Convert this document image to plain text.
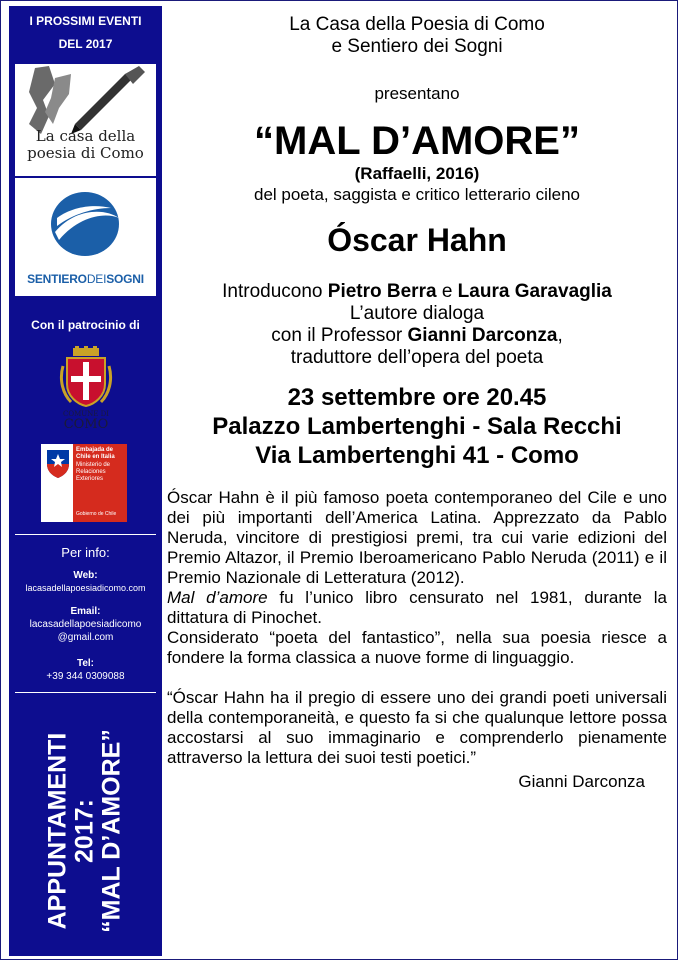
I PROSSIMI EVENTI
DEL 2017
La casa della
poesia di Como
SENTIERODEISOGNI
Con il patrocinio di
COMUNE DI
COMO
Embajada de
Chile en Italia
Ministerio de
Relaciones Exteriores
Gobierno de Chile
Per info:
Web:
lacasadellapoesiadicomo.com
Email:
lacasadellapoesiadicomo
@gmail.com
Tel:
+39 344 0309088
APPUNTAMENTI 2017: “MAL D’AMORE”
La Casa della Poesia di Como
e Sentiero dei Sogni
presentano
“MAL D’AMORE”
(Raffaelli, 2016)
del poeta, saggista e critico letterario cileno
Óscar Hahn
Introducono Pietro Berra e Laura Garavaglia
L’autore dialoga
con il Professor Gianni Darconza,
traduttore dell’opera del poeta
23 settembre ore 20.45
Palazzo Lambertenghi - Sala Recchi
Via Lambertenghi 41 - Como
Óscar Hahn è il più famoso poeta contemporaneo del Cile e uno dei più importanti dell’America Latina. Apprezzato da Pablo Neruda, vincitore di prestigiosi premi, tra cui varie edizioni del Premio Altazor, il Premio Iberoamericano Pablo Neruda (2011) e il Premio Nazionale di Letteratura (2012).
Mal d’amore fu l’unico libro censurato nel 1981, durante la dittatura di Pinochet.
Considerato “poeta del fantastico”, nella sua poesia riesce a fondere la forma classica a nuove forme di linguaggio.
“Óscar Hahn ha il pregio di essere uno dei grandi poeti universali della contemporaneità, e questo fa si che qualunque lettore possa accostarsi al suo immaginario e comprenderlo pienamente attraverso la lettura dei suoi testi poetici.”
Gianni Darconza
